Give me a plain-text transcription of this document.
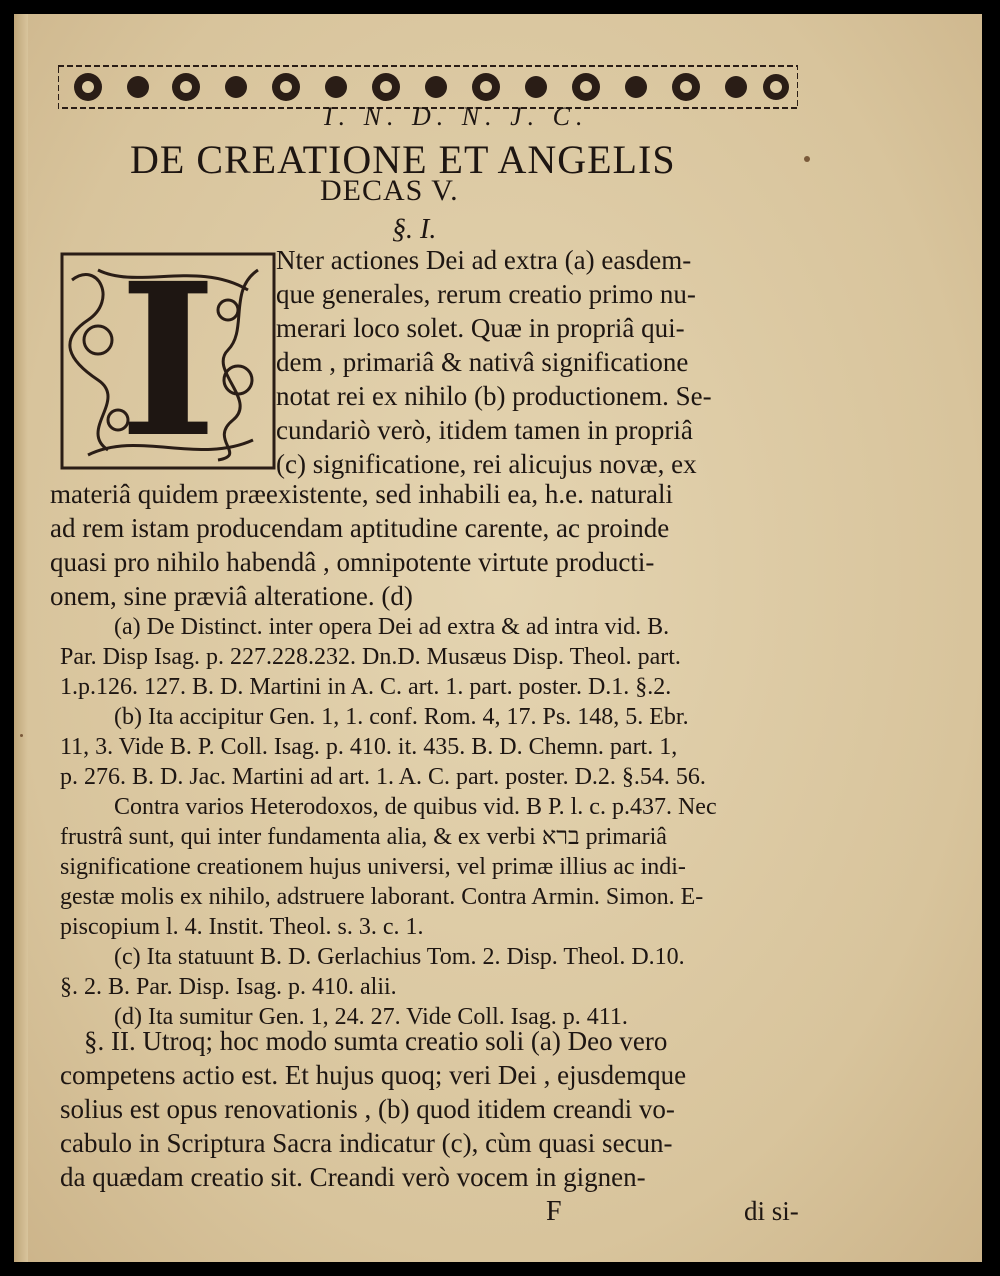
I. N. D. N. J. C.
DE CREATIONE ET ANGELIS
DECAS V.
§. I.
I	Nter actiones Dei ad extra (a) easdem-
que generales, rerum creatio primo nu-
merari loco solet. Quæ in propriâ qui-
dem , primariâ & nativâ significatione
notat rei ex nihilo (b) productionem. Se-
cundariò verò, itidem tamen in propriâ
(c) significatione, rei alicujus novæ, ex
materiâ quidem præexistente, sed inhabili ea, h.e. naturali
ad rem istam producendam aptitudine carente, ac proinde
quasi pro nihilo habendâ , omnipotente virtute producti-
onem, sine præviâ alteratione. (d)
(a) De Distinct. inter opera Dei ad extra & ad intra vid. B.
Par. Disp Isag. p. 227.228.232. Dn.D. Musæus Disp. Theol. part.
1.p.126. 127. B. D. Martini in A. C. art. 1. part. poster. D.1. §.2.
(b) Ita accipitur Gen. 1, 1. conf. Rom. 4, 17. Ps. 148, 5. Ebr.
11, 3. Vide B. P. Coll. Isag. p. 410. it. 435. B. D. Chemn. part. 1,
p. 276. B. D. Jac. Martini ad art. 1. A. C. part. poster. D.2. §.54. 56.
Contra varios Heterodoxos, de quibus vid. B P. l. c. p.437. Nec
frustrâ sunt, qui inter fundamenta alia, & ex verbi ברא primariâ
significatione creationem hujus universi, vel primæ illius ac indi-
gestæ molis ex nihilo, adstruere laborant. Contra Armin. Simon. E-
piscopium l. 4. Instit. Theol. s. 3. c. 1.
(c) Ita statuunt B. D. Gerlachius Tom. 2. Disp. Theol. D.10.
§. 2. B. Par. Disp. Isag. p. 410. alii.
(d) Ita sumitur Gen. 1, 24. 27. Vide Coll. Isag. p. 411.
§. II. Utroq; hoc modo sumta creatio soli (a) Deo vero
competens actio est. Et hujus quoq; veri Dei , ejusdemque
solius est opus renovationis , (b) quod itidem creandi vo-
cabulo in Scriptura Sacra indicatur (c), cùm quasi secun-
da quædam creatio sit. Creandi verò vocem in gignen-
F	di si-
